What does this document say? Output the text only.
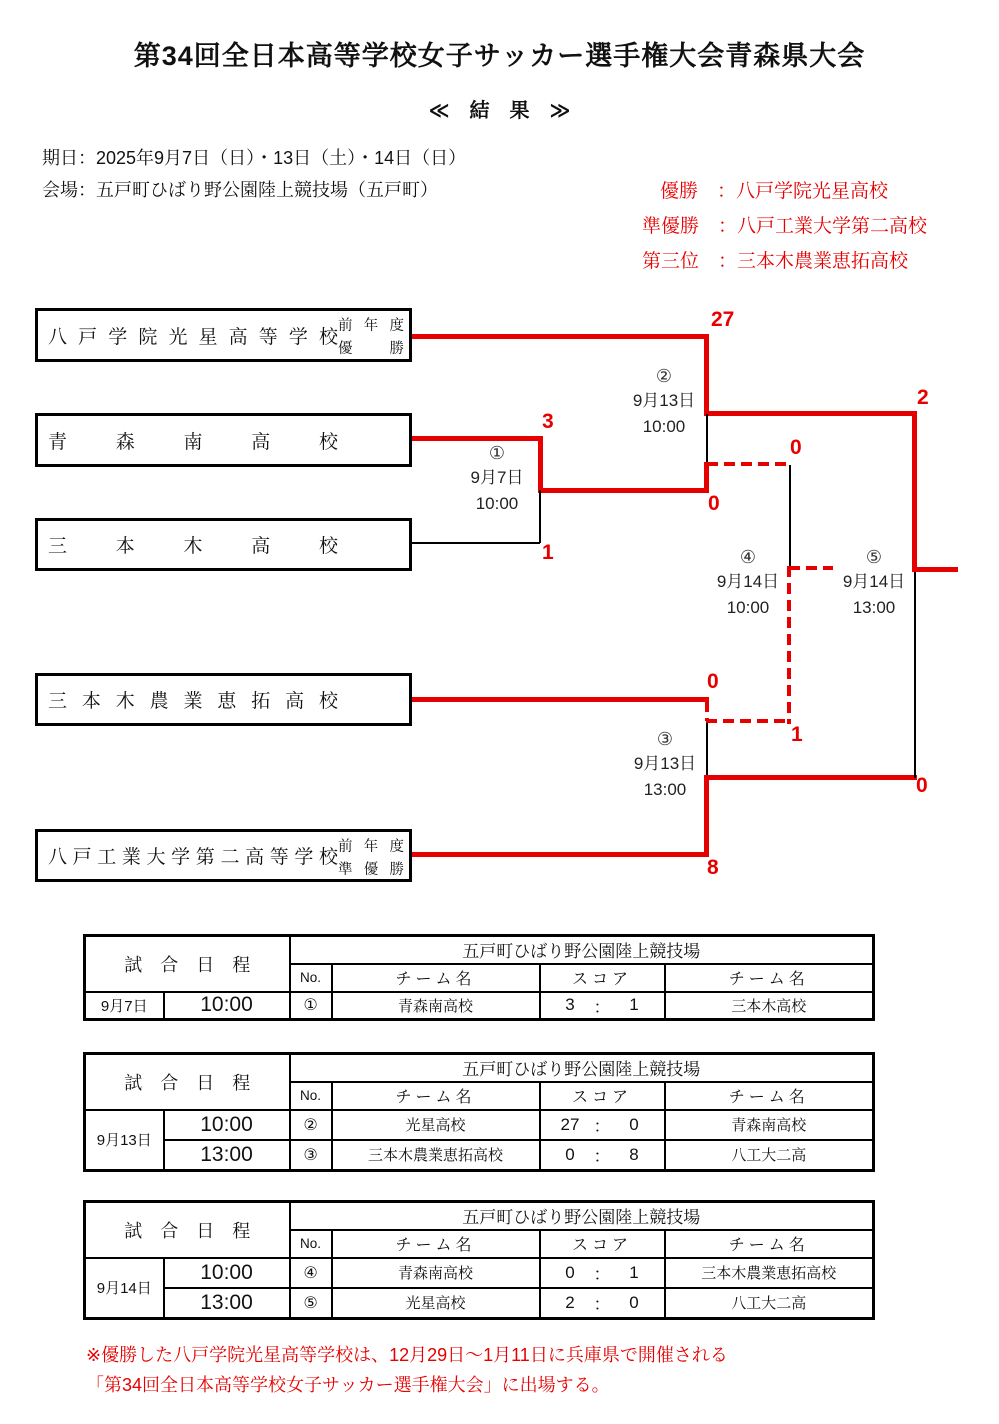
第34回全日本高等学校女子サッカー選手権大会青森県大会
≪　結　果　≫
期日：2025年9月7日（日）・13日（土）・14日（日）
会場：五戸町ひばり野公園陸上競技場（五戸町）	優勝　：八戸学院光星高校
準優勝　：八戸工業大学第二高校
第三位　：三本木農業恵拓高校
八戸学院光星高等学校
前年度
優勝
青森南高校
三本木高校
三本木農業恵拓高校
八戸工業大学第二高等学校 前年度
準優勝
①
9月7日
10:00
②
9月13日
10:00
③
9月13日
13:00
④
9月14日
10:00
⑤
9月14日
13:00
27
2
3
0
0
1
0
1
0
8
試　合　日　程		五戸町ひばり野公園陸上競技場			
		No.	チーム名	スコア	チーム名
9月7日	10:00	①	青森南高校	3 ： 1	三本木高校
試　合　日　程		五戸町ひばり野公園陸上競技場			
		No.	チーム名	スコア	チーム名
9月13日	10:00	②	光星高校	27 ： 0	青森南高校
	13:00	③	三本木農業恵拓高校	0 ： 8	八工大二高
試　合　日　程		五戸町ひばり野公園陸上競技場			
		No.	チーム名	スコア	チーム名
9月14日	10:00	④	青森南高校	0 ： 1	三本木農業恵拓高校
	13:00	⑤	光星高校	2 ： 0	八工大二高
※優勝した八戸学院光星高等学校は、12月29日～1月11日に兵庫県で開催される
「第34回全日本高等学校女子サッカー選手権大会」に出場する。
